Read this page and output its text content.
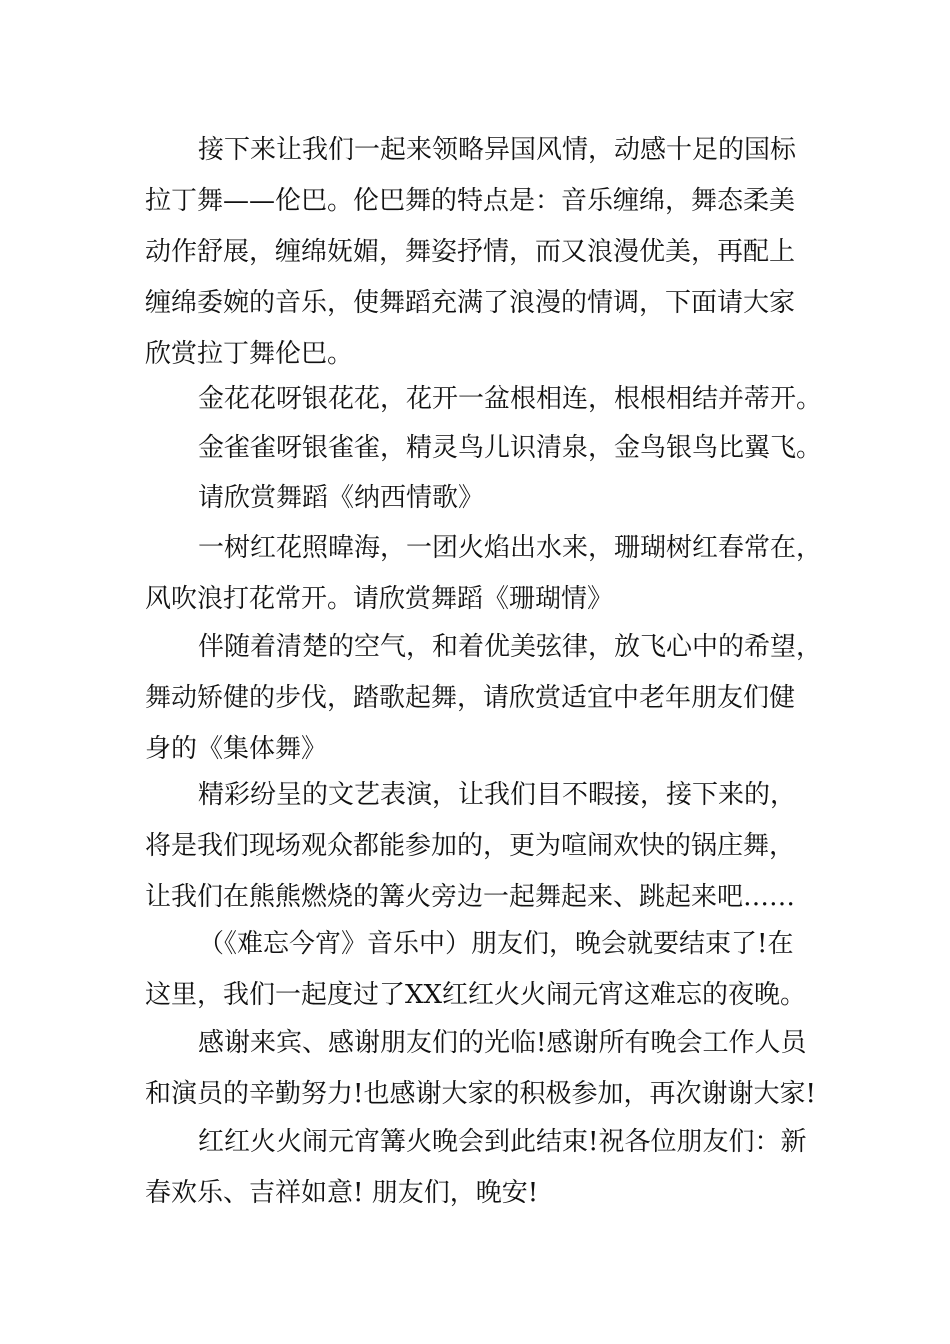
接下来让我们一起来领略异国风情，动感十足的国标
拉丁舞——伦巴。伦巴舞的特点是：音乐缠绵，舞态柔美
动作舒展，缠绵妩媚，舞姿抒情，而又浪漫优美，再配上
缠绵委婉的音乐，使舞蹈充满了浪漫的情调，下面请大家
欣赏拉丁舞伦巴。
金花花呀银花花，花开一盆根相连，根根相结并蒂开。
金雀雀呀银雀雀，精灵鸟儿识清泉，金鸟银鸟比翼飞。
请欣赏舞蹈《纳西情歌》
一树红花照暐海，一团火焰出水来，珊瑚树红春常在，
风吹浪打花常开。请欣赏舞蹈《珊瑚情》
伴随着清楚的空气，和着优美弦律，放飞心中的希望，
舞动矫健的步伐，踏歌起舞，请欣赏适宜中老年朋友们健
身的《集体舞》
精彩纷呈的文艺表演，让我们目不暇接，接下来的，
将是我们现场观众都能参加的，更为喧闹欢快的锅庄舞，
让我们在熊熊燃烧的篝火旁边一起舞起来、跳起来吧……
（《难忘今宵》音乐中）朋友们，晚会就要结束了!在
这里，我们一起度过了XX红红火火闹元宵这难忘的夜晚。
感谢来宾、感谢朋友们的光临!感谢所有晚会工作人员
和演员的辛勤努力!也感谢大家的积极参加，再次谢谢大家!
红红火火闹元宵篝火晚会到此结束!祝各位朋友们：新
春欢乐、吉祥如意! 朋友们，晚安!
